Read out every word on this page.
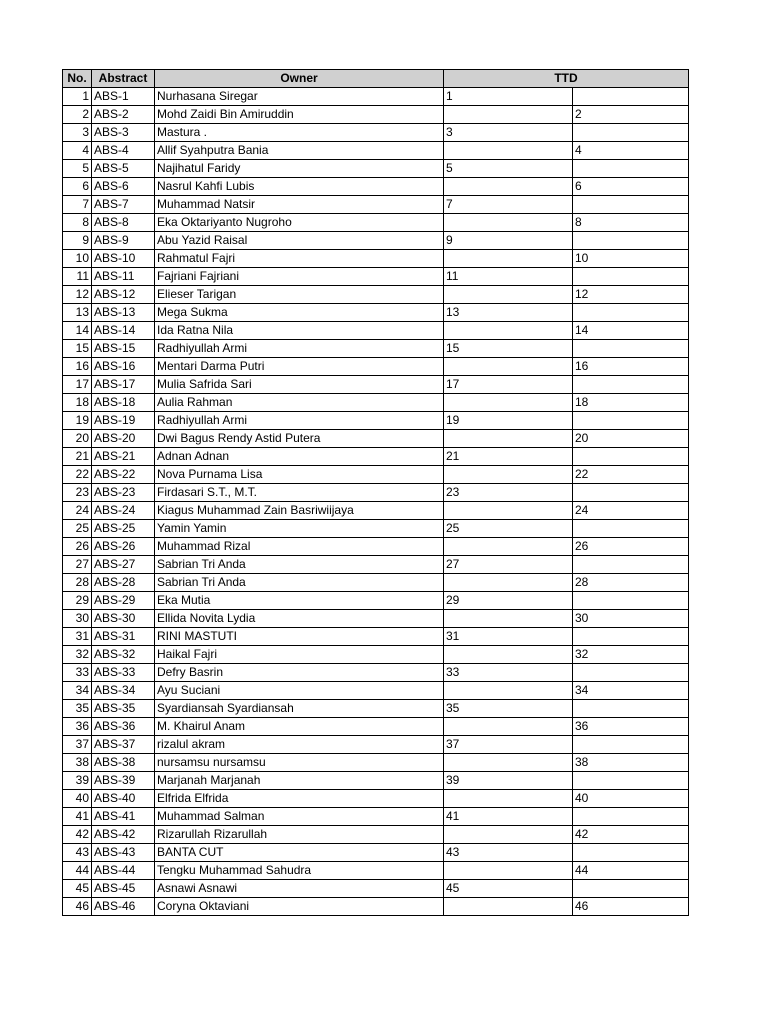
No.	Abstract	Owner	TTD	
1	ABS-1	Nurhasana Siregar	1	
2	ABS-2	Mohd Zaidi Bin Amiruddin		2
3	ABS-3	Mastura .	3	
4	ABS-4	Allif Syahputra Bania		4
5	ABS-5	Najihatul Faridy	5	
6	ABS-6	Nasrul Kahfi Lubis		6
7	ABS-7	Muhammad Natsir	7	
8	ABS-8	Eka Oktariyanto Nugroho		8
9	ABS-9	Abu Yazid Raisal	9	
10	ABS-10	Rahmatul Fajri		10
11	ABS-11	Fajriani Fajriani	11	
12	ABS-12	Elieser Tarigan		12
13	ABS-13	Mega Sukma	13	
14	ABS-14	Ida Ratna Nila		14
15	ABS-15	Radhiyullah Armi	15	
16	ABS-16	Mentari Darma Putri		16
17	ABS-17	Mulia Safrida Sari	17	
18	ABS-18	Aulia Rahman		18
19	ABS-19	Radhiyullah Armi	19	
20	ABS-20	Dwi Bagus Rendy Astid Putera		20
21	ABS-21	Adnan Adnan	21	
22	ABS-22	Nova Purnama Lisa		22
23	ABS-23	Firdasari S.T., M.T.	23	
24	ABS-24	Kiagus Muhammad Zain Basriwiijaya		24
25	ABS-25	Yamin Yamin	25	
26	ABS-26	Muhammad Rizal		26
27	ABS-27	Sabrian Tri Anda	27	
28	ABS-28	Sabrian Tri Anda		28
29	ABS-29	Eka Mutia	29	
30	ABS-30	Ellida Novita Lydia		30
31	ABS-31	RINI MASTUTI	31	
32	ABS-32	Haikal Fajri		32
33	ABS-33	Defry Basrin	33	
34	ABS-34	Ayu Suciani		34
35	ABS-35	Syardiansah Syardiansah	35	
36	ABS-36	M. Khairul Anam		36
37	ABS-37	rizalul akram	37	
38	ABS-38	nursamsu nursamsu		38
39	ABS-39	Marjanah Marjanah	39	
40	ABS-40	Elfrida Elfrida		40
41	ABS-41	Muhammad Salman	41	
42	ABS-42	Rizarullah Rizarullah		42
43	ABS-43	BANTA CUT	43	
44	ABS-44	Tengku Muhammad Sahudra		44
45	ABS-45	Asnawi Asnawi	45	
46	ABS-46	Coryna Oktaviani		46
